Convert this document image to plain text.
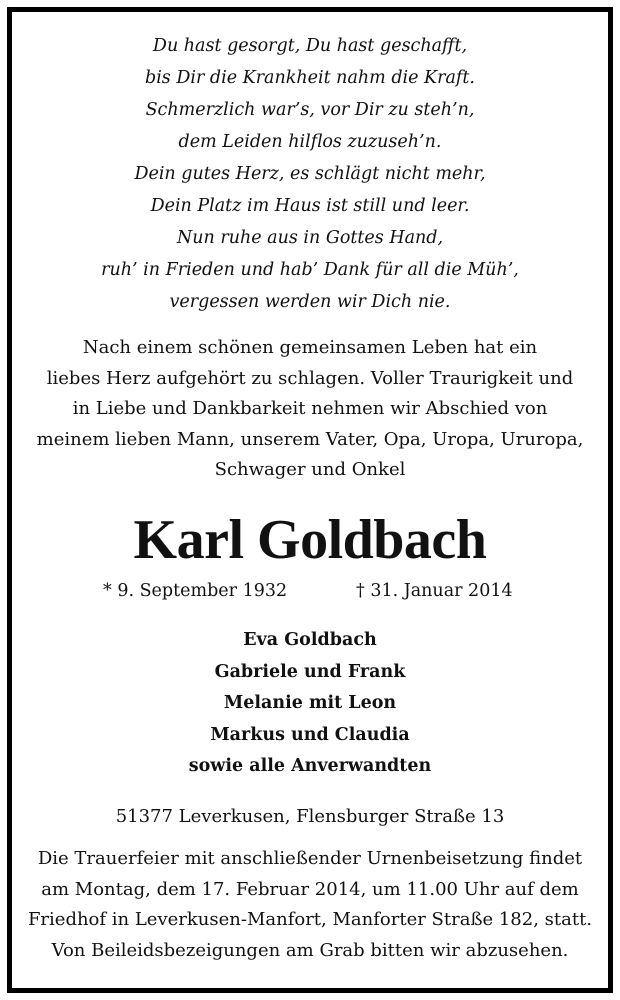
Du hast gesorgt, Du hast geschafft,
bis Dir die Krankheit nahm die Kraft.
Schmerzlich war’s, vor Dir zu steh’n,
dem Leiden hilflos zuzuseh’n.
Dein gutes Herz, es schlägt nicht mehr,
Dein Platz im Haus ist still und leer.
Nun ruhe aus in Gottes Hand,
ruh’ in Frieden und hab’ Dank für all die Müh’,
vergessen werden wir Dich nie.
Nach einem schönen gemeinsamen Leben hat ein
liebes Herz aufgehört zu schlagen. Voller Traurigkeit und
in Liebe und Dankbarkeit nehmen wir Abschied von
meinem lieben Mann, unserem Vater, Opa, Uropa, Ururopa,
Schwager und Onkel
Karl Goldbach
* 9. September 1932	† 31. Januar 2014
Eva Goldbach
Gabriele und Frank
Melanie mit Leon
Markus und Claudia
sowie alle Anverwandten
51377 Leverkusen, Flensburger Straße 13
Die Trauerfeier mit anschließender Urnenbeisetzung findet
am Montag, dem 17. Februar 2014, um 11.00 Uhr auf dem
Friedhof in Leverkusen-Manfort, Manforter Straße 182, statt.
Von Beileidsbezeigungen am Grab bitten wir abzusehen.
